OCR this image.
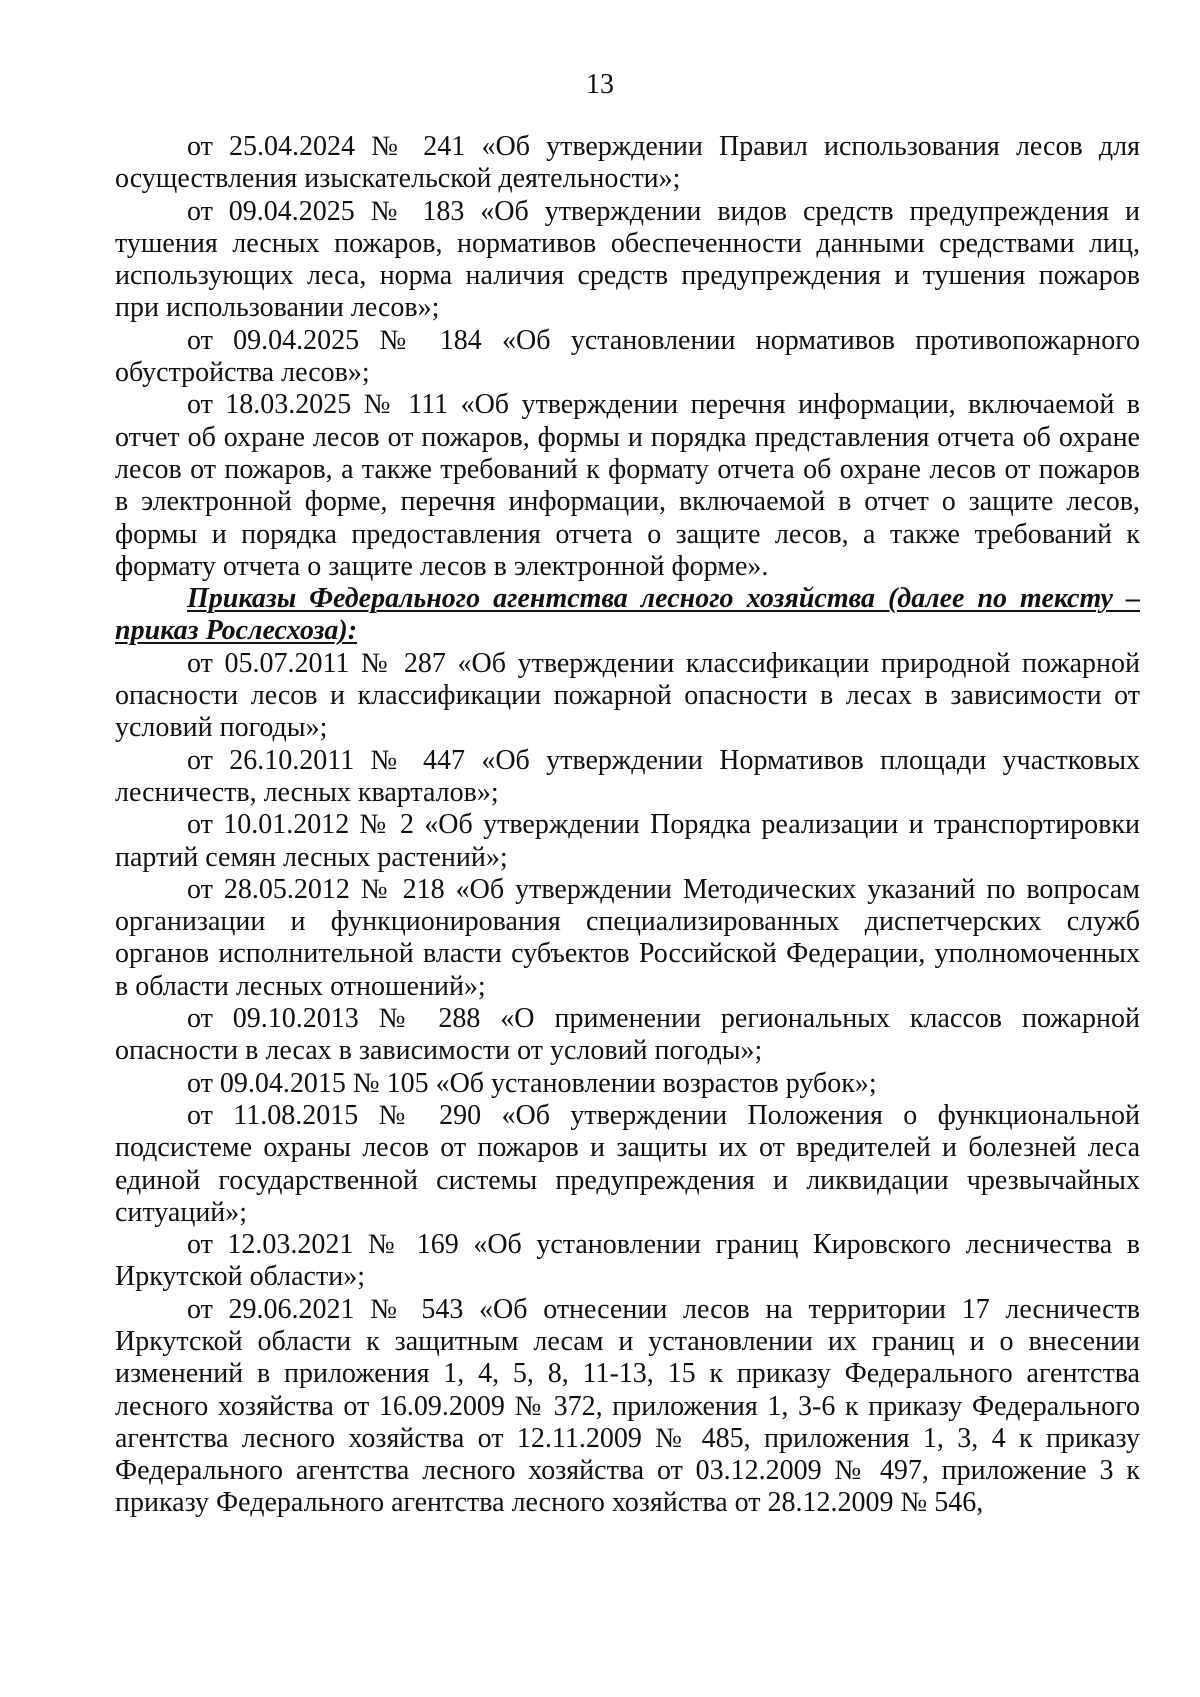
13

от 25.04.2024 № 241 «Об утверждении Правил использования лесов для осуществления изыскательской деятельности»;

от 09.04.2025 № 183 «Об утверждении видов средств предупреждения и тушения лесных пожаров, нормативов обеспеченности данными средствами лиц, использующих леса, норма наличия средств предупреждения и тушения пожаров при использовании лесов»;

от 09.04.2025 № 184 «Об установлении нормативов противопожарного обустройства лесов»;

от 18.03.2025 № 111 «Об утверждении перечня информации, включаемой в отчет об охране лесов от пожаров, формы и порядка представления отчета об охране лесов от пожаров, а также требований к формату отчета об охране лесов от пожаров в электронной форме, перечня информации, включаемой в отчет о защите лесов, формы и порядка предоставления отчета о защите лесов, а также требований к формату отчета о защите лесов в электронной форме».

Приказы Федерального агентства лесного хозяйства (далее по тексту – приказ Рослесхоза):

от 05.07.2011 № 287 «Об утверждении классификации природной пожарной опасности лесов и классификации пожарной опасности в лесах в зависимости от условий погоды»;

от 26.10.2011 № 447 «Об утверждении Нормативов площади участковых лесничеств, лесных кварталов»;

от 10.01.2012 № 2 «Об утверждении Порядка реализации и транспортировки партий семян лесных растений»;

от 28.05.2012 № 218 «Об утверждении Методических указаний по вопросам организации и функционирования специализированных диспетчерских служб органов исполнительной власти субъектов Российской Федерации, уполномоченных в области лесных отношений»;

от 09.10.2013 № 288 «О применении региональных классов пожарной опасности в лесах в зависимости от условий погоды»;

от 09.04.2015 № 105 «Об установлении возрастов рубок»;

от 11.08.2015 № 290 «Об утверждении Положения о функциональной подсистеме охраны лесов от пожаров и защиты их от вредителей и болезней леса единой государственной системы предупреждения и ликвидации чрезвычайных ситуаций»;

от 12.03.2021 № 169 «Об установлении границ Кировского лесничества в Иркутской области»;

от 29.06.2021 № 543 «Об отнесении лесов на территории 17 лесничеств Иркутской области к защитным лесам и установлении их границ и о внесении изменений в приложения 1, 4, 5, 8, 11-13, 15 к приказу Федерального агентства лесного хозяйства от 16.09.2009 № 372, приложения 1, 3-6 к приказу Федерального агентства лесного хозяйства от 12.11.2009 № 485, приложения 1, 3, 4 к приказу Федерального агентства лесного хозяйства от 03.12.2009 № 497, приложение 3 к приказу Федерального агентства лесного хозяйства от 28.12.2009 № 546,
